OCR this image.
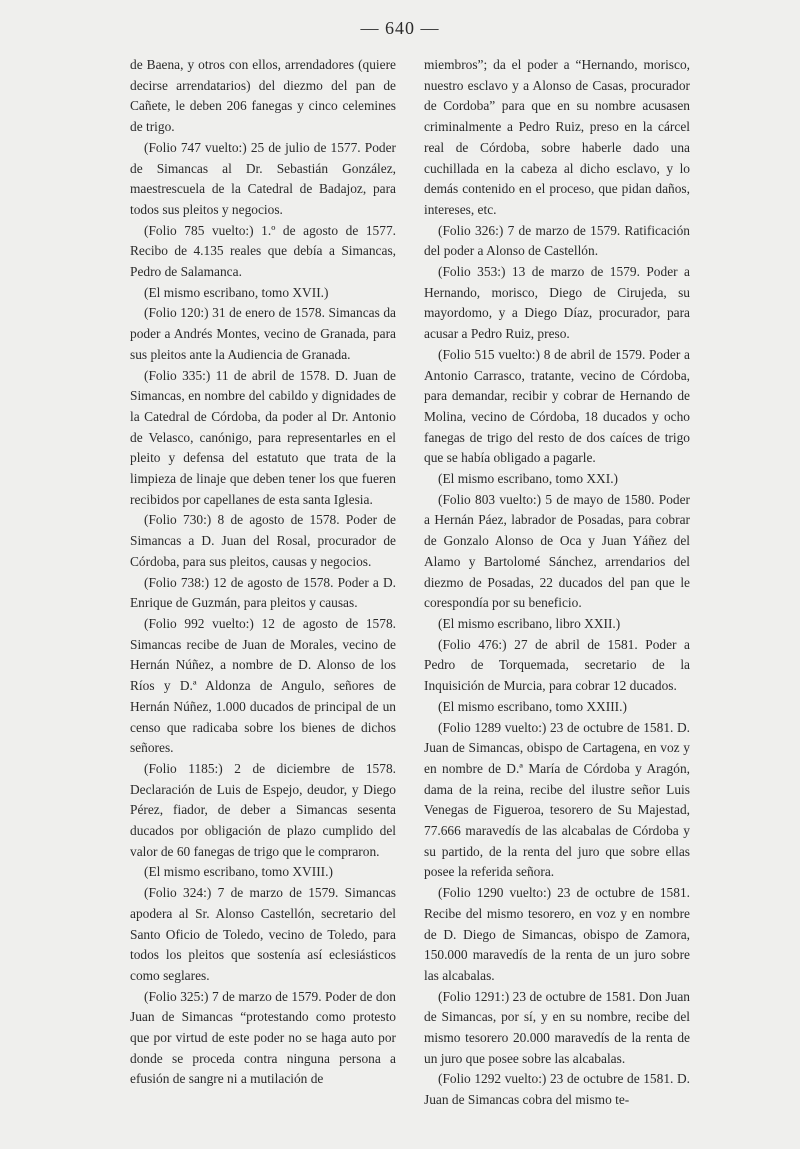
— 640 —

de Baena, y otros con ellos, arrendadores (quiere decirse arrendatarios) del diezmo del pan de Cañete, le deben 206 fanegas y cinco celemines de trigo.

(Folio 747 vuelto:) 25 de julio de 1577. Poder de Simancas al Dr. Sebastián González, maestrescuela de la Catedral de Badajoz, para todos sus pleitos y negocios.

(Folio 785 vuelto:) 1.º de agosto de 1577. Recibo de 4.135 reales que debía a Simancas, Pedro de Salamanca.

(El mismo escribano, tomo XVII.)

(Folio 120:) 31 de enero de 1578. Simancas da poder a Andrés Montes, vecino de Granada, para sus pleitos ante la Audiencia de Granada.

(Folio 335:) 11 de abril de 1578. D. Juan de Simancas, en nombre del cabildo y dignidades de la Catedral de Córdoba, da poder al Dr. Antonio de Velasco, canónigo, para representarles en el pleito y defensa del estatuto que trata de la limpieza de linaje que deben tener los que fueren recibidos por capellanes de esta santa Iglesia.

(Folio 730:) 8 de agosto de 1578. Poder de Simancas a D. Juan del Rosal, procurador de Córdoba, para sus pleitos, causas y negocios.

(Folio 738:) 12 de agosto de 1578. Poder a D. Enrique de Guzmán, para pleitos y causas.

(Folio 992 vuelto:) 12 de agosto de 1578. Simancas recibe de Juan de Morales, vecino de Hernán Núñez, a nombre de D. Alonso de los Ríos y D.ª Aldonza de Angulo, señores de Hernán Núñez, 1.000 ducados de principal de un censo que radicaba sobre los bienes de dichos señores.

(Folio 1185:) 2 de diciembre de 1578. Declaración de Luis de Espejo, deudor, y Diego Pérez, fiador, de deber a Simancas sesenta ducados por obligación de plazo cumplido del valor de 60 fanegas de trigo que le compraron.

(El mismo escribano, tomo XVIII.)

(Folio 324:) 7 de marzo de 1579. Simancas apodera al Sr. Alonso Castellón, secretario del Santo Oficio de Toledo, vecino de Toledo, para todos los pleitos que sostenía así eclesiásticos como seglares.

(Folio 325:) 7 de marzo de 1579. Poder de don Juan de Simancas “protestando como protesto que por virtud de este poder no se haga auto por donde se proceda contra ninguna persona a efusión de sangre ni a mutilación de

miembros”; da el poder a “Hernando, morisco, nuestro esclavo y a Alonso de Casas, procurador de Cordoba” para que en su nombre acusasen criminalmente a Pedro Ruiz, preso en la cárcel real de Córdoba, sobre haberle dado una cuchillada en la cabeza al dicho esclavo, y lo demás contenido en el proceso, que pidan daños, intereses, etc.

(Folio 326:) 7 de marzo de 1579. Ratificación del poder a Alonso de Castellón.

(Folio 353:) 13 de marzo de 1579. Poder a Hernando, morisco, Diego de Cirujeda, su mayordomo, y a Diego Díaz, procurador, para acusar a Pedro Ruiz, preso.

(Folio 515 vuelto:) 8 de abril de 1579. Poder a Antonio Carrasco, tratante, vecino de Córdoba, para demandar, recibir y cobrar de Hernando de Molina, vecino de Córdoba, 18 ducados y ocho fanegas de trigo del resto de dos caíces de trigo que se había obligado a pagarle.

(El mismo escribano, tomo XXI.)

(Folio 803 vuelto:) 5 de mayo de 1580. Poder a Hernán Páez, labrador de Posadas, para cobrar de Gonzalo Alonso de Oca y Juan Yáñez del Alamo y Bartolomé Sánchez, arrendarios del diezmo de Posadas, 22 ducados del pan que le corespondía por su beneficio.

(El mismo escribano, libro XXII.)

(Folio 476:) 27 de abril de 1581. Poder a Pedro de Torquemada, secretario de la Inquisición de Murcia, para cobrar 12 ducados.

(El mismo escribano, tomo XXIII.)

(Folio 1289 vuelto:) 23 de octubre de 1581. D. Juan de Simancas, obispo de Cartagena, en voz y en nombre de D.ª María de Córdoba y Aragón, dama de la reina, recibe del ilustre señor Luis Venegas de Figueroa, tesorero de Su Majestad, 77.666 maravedís de las alcabalas de Córdoba y su partido, de la renta del juro que sobre ellas posee la referida señora.

(Folio 1290 vuelto:) 23 de octubre de 1581. Recibe del mismo tesorero, en voz y en nombre de D. Diego de Simancas, obispo de Zamora, 150.000 maravedís de la renta de un juro sobre las alcabalas.

(Folio 1291:) 23 de octubre de 1581. Don Juan de Simancas, por sí, y en su nombre, recibe del mismo tesorero 20.000 maravedís de la renta de un juro que posee sobre las alcabalas.

(Folio 1292 vuelto:) 23 de octubre de 1581. D. Juan de Simancas cobra del mismo te-
